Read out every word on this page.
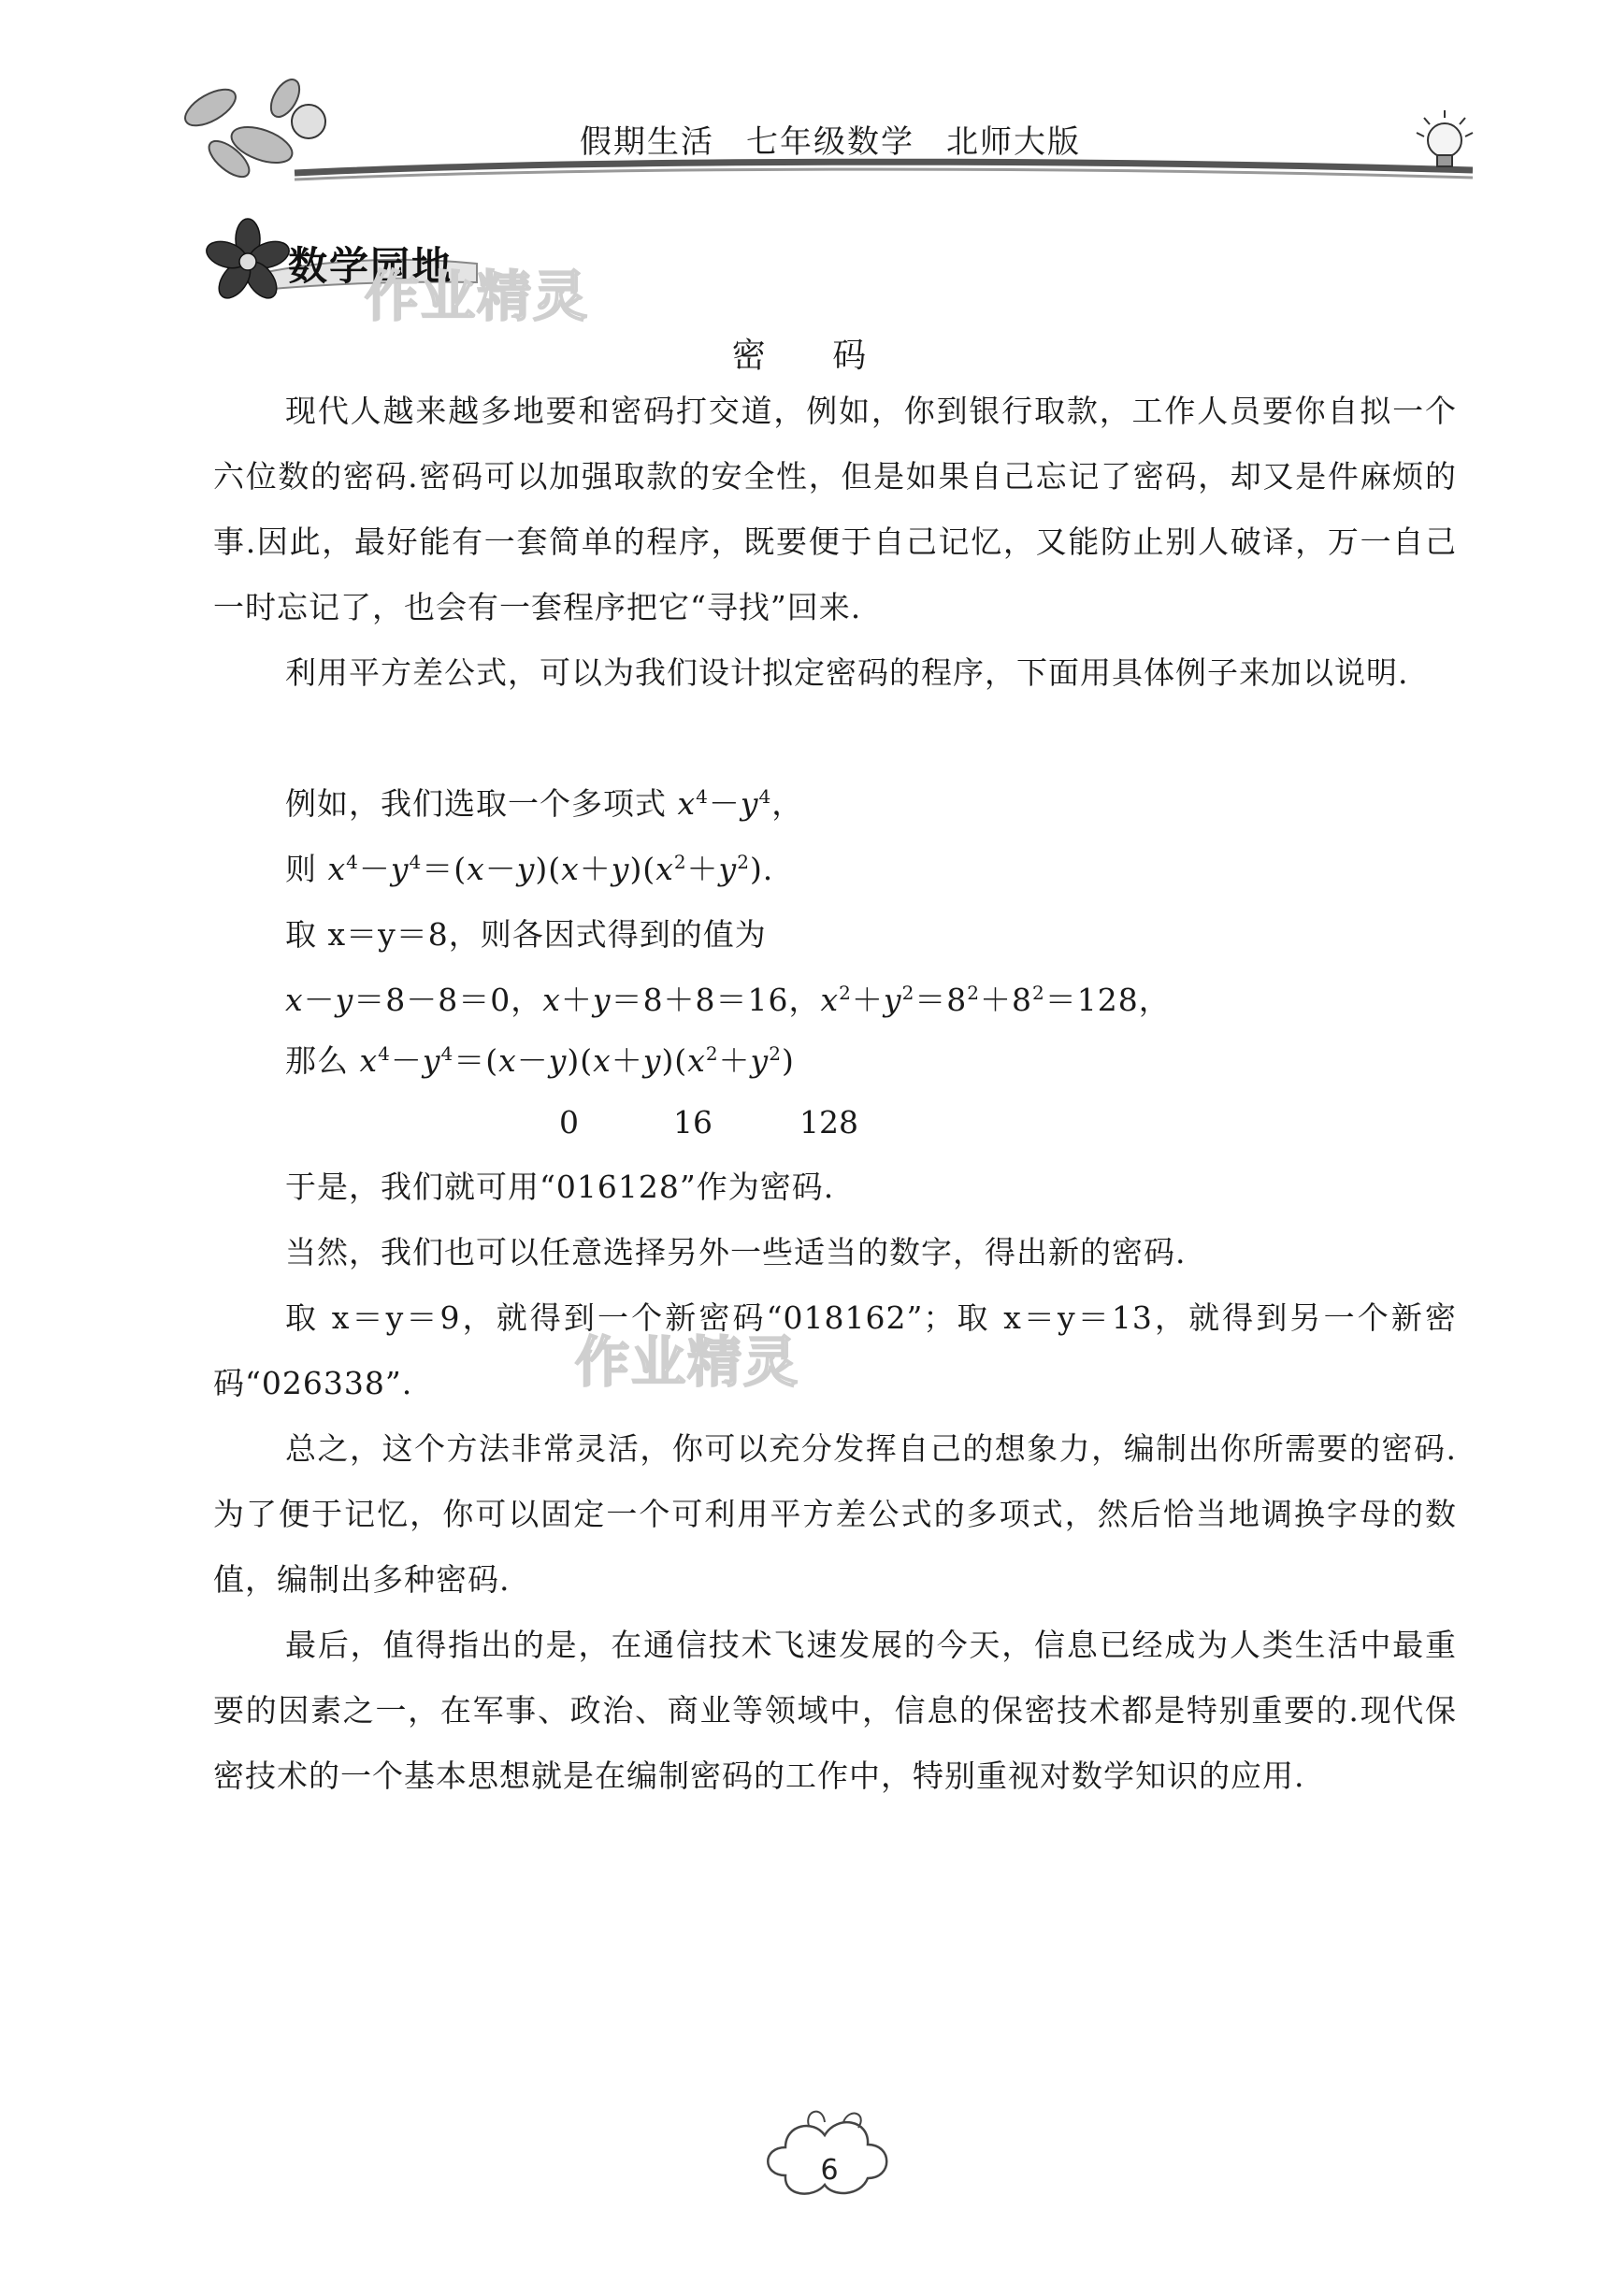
假期生活 七年级数学 北师大版
数学园地
作业精灵
作业精灵
密 码
现代人越来越多地要和密码打交道，例如，你到银行取款，工作人员要你自拟一个六位数的密码.密码可以加强取款的安全性，但是如果自己忘记了密码，却又是件麻烦的事.因此，最好能有一套简单的程序，既要便于自己记忆，又能防止别人破译，万一自己一时忘记了，也会有一套程序把它“寻找”回来.
利用平方差公式，可以为我们设计拟定密码的程序，下面用具体例子来加以说明.
例如，我们选取一个多项式 $x^4-y^4$，
则 $x^4-y^4=(x-y)(x+y)(x^2+y^2)$.
取 x＝y＝8，则各因式得到的值为
x－y＝8－8＝0，x＋y＝8＋8＝16，$x^2+y^2=8^2+8^2=128$，
那么 $x^4-y^4=(x-y)(x+y)(x^2+y^2)$
0	16	128
于是，我们就可用“016128”作为密码.
当然，我们也可以任意选择另外一些适当的数字，得出新的密码.
取 x＝y＝9，就得到一个新密码“018162”；取 x＝y＝13，就得到另一个新密码“026338”.
总之，这个方法非常灵活，你可以充分发挥自己的想象力，编制出你所需要的密码.为了便于记忆，你可以固定一个可利用平方差公式的多项式，然后恰当地调换字母的数值，编制出多种密码.
最后，值得指出的是，在通信技术飞速发展的今天，信息已经成为人类生活中最重要的因素之一，在军事、政治、商业等领域中，信息的保密技术都是特别重要的.现代保密技术的一个基本思想就是在编制密码的工作中，特别重视对数学知识的应用.
6
